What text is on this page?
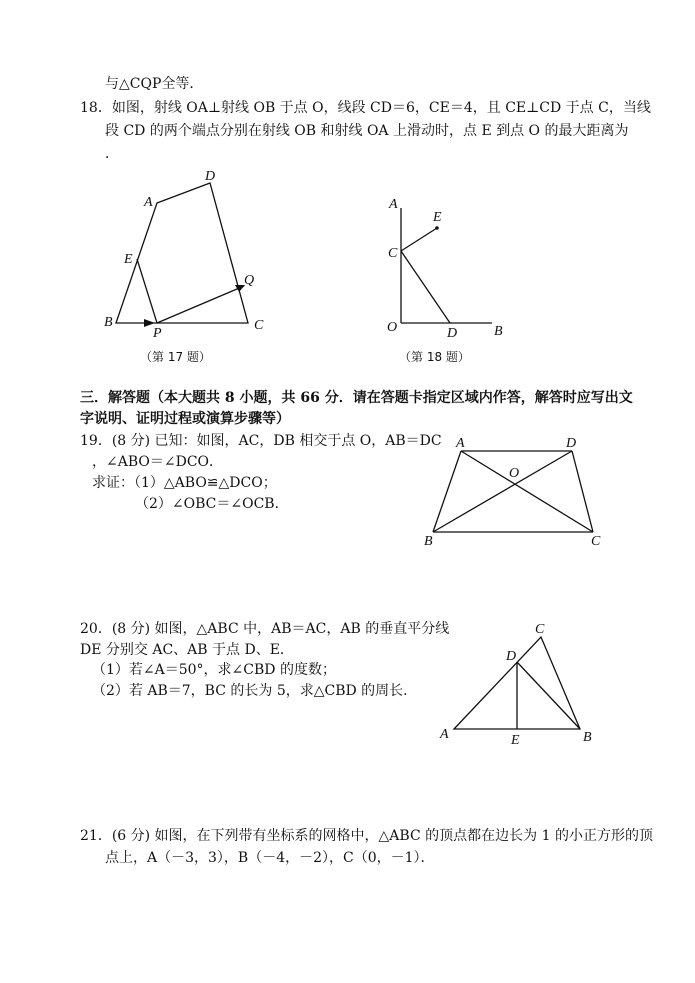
与△CQP全等．
18．如图，射线 OA⊥射线 OB 于点 O，线段 CD＝6，CE＝4，且 CE⊥CD 于点 C，当线
段 CD 的两个端点分别在射线 OB 和射线 OA 上滑动时，点 E 到点 O 的最大距离为
．
A
D
E
Q
B
P
C
（第 17 题）
A
E
C
O	D	B
（第 18 题）
A	D
O
B	C
C
D
A	E	B
三．解答题（本大题共 8 小题，共 66 分．请在答题卡指定区域内作答，解答时应写出文
字说明、证明过程或演算步骤等）
19．(8 分) 已知：如图，AC，DB 相交于点 O，AB＝DC
，∠ABO＝∠DCO．
求证：（1）△ABO≌△DCO；
（2）∠OBC＝∠OCB．
20．(8 分) 如图，△ABC 中，AB＝AC，AB 的垂直平分线
DE 分别交 AC、AB 于点 D、E．
（1）若∠A＝50°，求∠CBD 的度数；
（2）若 AB＝7，BC 的长为 5，求△CBD 的周长.
21．(6 分) 如图，在下列带有坐标系的网格中，△ABC 的顶点都在边长为 1 的小正方形的顶
点上，A（－3，3），B（－4，－2），C（0，－1）．
